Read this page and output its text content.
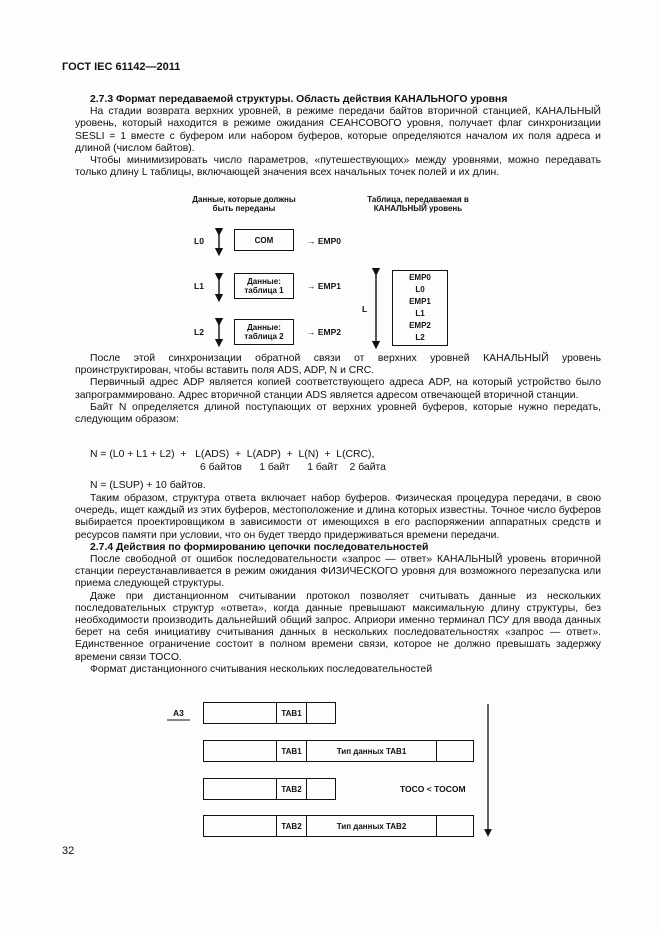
ГОСТ IEC 61142—2011

2.7.3 Формат передаваемой структуры. Область действия КАНАЛЬНОГО уровня

На стадии возврата верхних уровней, в режиме передачи байтов вторичной станцией, КАНАЛЬНЫЙ уровень, который находится в режиме ожидания СЕАНСОВОГО уровня, получает флаг синхронизации SESLI = 1 вместе с буфером или набором буферов, которые определяются началом их поля адреса и длиной (числом байтов).

Чтобы минимизировать число параметров, «путешествующих» между уровнями, можно передавать только длину L таблицы, включающей значения всех начальных точек полей и их длин.

Данные, которые должны быть переданы
Таблица, передаваемая в КАНАЛЬНЫЙ уровень
L0	COM	→ EMP0
L1	Данные: таблица 1	→ EMP1
L2	Данные: таблица 2	→ EMP2
L
EMP0
L0
EMP1
L1
EMP2
L2

После этой синхронизации обратной связи от верхних уровней КАНАЛЬНЫЙ уровень проинструктирован, чтобы вставить поля ADS, ADP, N и CRC.

Первичный адрес ADP является копией соответствующего адреса ADP, на который устройство было запрограммировано. Адрес вторичной станции ADS является адресом отвечающей вторичной станции.

Байт N определяется длиной поступающих от верхних уровней буферов, которые нужно передать, следующим образом:

N = (L0 + L1 + L2)  +   L(ADS)  +  L(ADP)  +  L(N)  +  L(CRC),
6 байтов      1 байт      1 байт    2 байта
N = (LSUP) + 10 байтов.

Таким образом, структура ответа включает набор буферов. Физическая процедура передачи, в свою очередь, ищет каждый из этих буферов, местоположение и длина которых известны. Точное число буферов выбирается проектировщиком в зависимости от имеющихся в его распоряжении аппаратных средств и ресурсов памяти при условии, что он будет твердо придерживаться времени передачи.

2.7.4 Действия по формированию цепочки последовательностей

После свободной от ошибок последовательности «запрос — ответ» КАНАЛЬНЫЙ уровень вторичной станции переустанавливается в режим ожидания ФИЗИЧЕСКОГО уровня для возможного перезапуска или приема следующей структуры.

Даже при дистанционном считывании протокол позволяет считывать данные из нескольких последовательных структур «ответа», когда данные превышают максимальную длину структуры, без необходимости производить дальнейший общий запрос. Априори именно терминал ПСУ для ввода данных берет на себя инициативу считывания данных в нескольких последовательностях «запрос — ответ». Единственное ограничение состоит в полном времени связи, которое не должно превышать задержку времени связи TOCO.

Формат дистанционного считывания нескольких последовательностей

A3	TAB1
TAB1	Тип данных TAB1
TAB2	TOCO < TOCOM
TAB2	Тип данных TAB2
32
